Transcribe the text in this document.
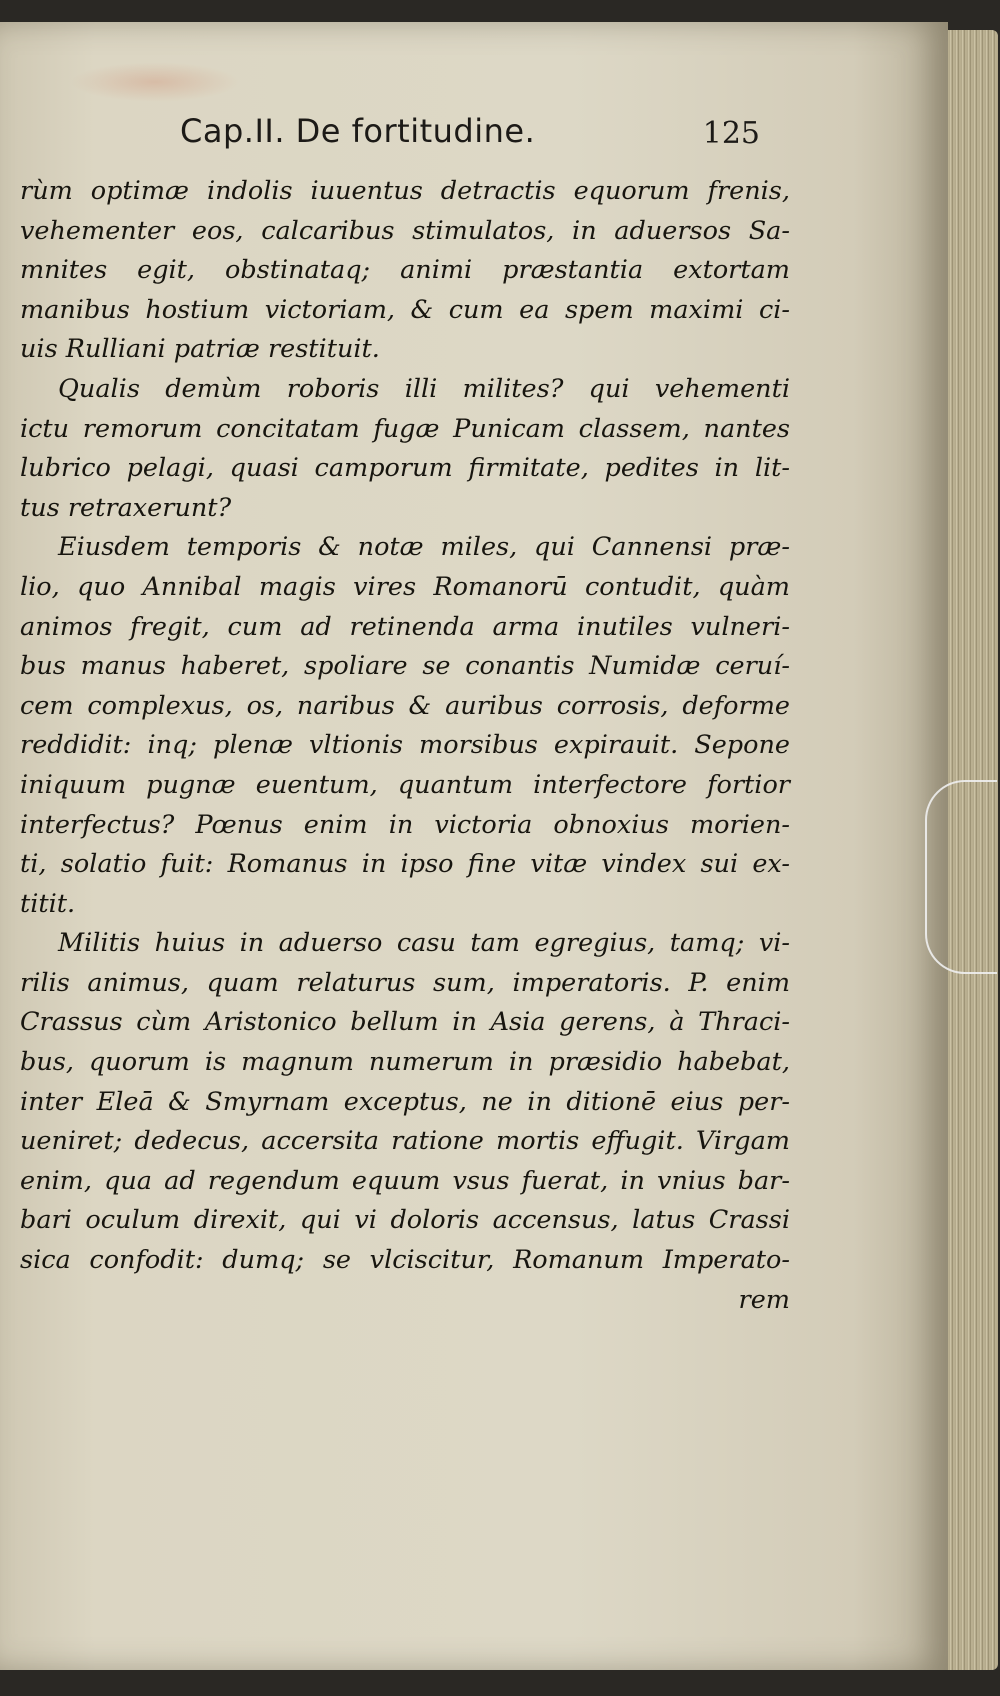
Cap.II. De fortitudine.	125
rùm optimæ indolis iuuentus detractis equorum frenis,
vehementer eos, calcaribus stimulatos, in aduersos Sa-
mnites egit, obstinataq; animi præstantia extortam
manibus hostium victoriam, & cum ea spem maximi ci-
uis Rulliani patriæ restituit.
Qualis demùm roboris illi milites? qui vehementi
ictu remorum concitatam fugæ Punicam classem, nantes
lubrico pelagi, quasi camporum firmitate, pedites in lit-
tus retraxerunt?
Eiusdem temporis & notæ miles, qui Cannensi præ-
lio, quo Annibal magis vires Romanorū contudit, quàm
animos fregit, cum ad retinenda arma inutiles vulneri-
bus manus haberet, spoliare se conantis Numidæ ceruí-
cem complexus, os, naribus & auribus corrosis, deforme
reddidit: inq; plenæ vltionis morsibus expirauit. Sepone
iniquum pugnæ euentum, quantum interfectore fortior
interfectus? Pœnus enim in victoria obnoxius morien-
ti, solatio fuit: Romanus in ipso fine vitæ vindex sui ex-
titit.
Militis huius in aduerso casu tam egregius, tamq; vi-
rilis animus, quam relaturus sum, imperatoris. P. enim
Crassus cùm Aristonico bellum in Asia gerens, à Thraci-
bus, quorum is magnum numerum in præsidio habebat,
inter Eleā & Smyrnam exceptus, ne in ditionē eius per-
ueniret; dedecus, accersita ratione mortis effugit. Virgam
enim, qua ad regendum equum vsus fuerat, in vnius bar-
bari oculum direxit, qui vi doloris accensus, latus Crassi
sica confodit: dumq; se vlciscitur, Romanum Imperato-
rem
